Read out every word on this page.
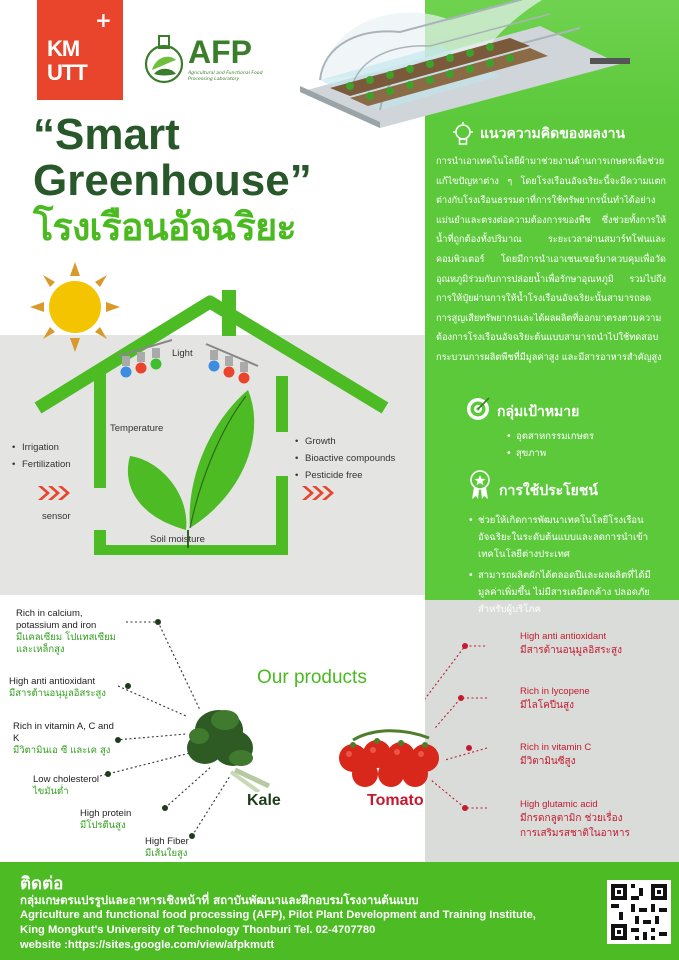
+
KM
UTT
AFP
Agricultural and Functional Food Processing Laboratory
“Smart
Greenhouse”
โรงเรือนอัจฉริยะ
แนวความคิดของผลงาน
การนำเอาเทคโนโลยีผ้ามาช่วยงานด้านการเกษตรเพื่อช่วยแก้ไขปัญหาต่าง ๆ โดยโรงเรือนอัจฉริยะนี้จะมีความแตกต่างกับโรงเรือนธรรมดาที่การใช้ทรัพยากรนั้นทำได้อย่างแม่นยำและตรงต่อความต้องการของพืช ซึ่งช่วยทั้งการให้น้ำที่ถูกต้องทั้งปริมาณ ระยะเวลาผ่านสมาร์ทโฟนและคอมพิวเตอร์ โดยมีการนำเอาเซนเซอร์มาควบคุมเพื่อวัดอุณหภูมิร่วมกับการปล่อยน้ำเพื่อรักษาอุณหภูมิ รวมไปถึงการให้ปุ๋ยผ่านการให้น้ำโรงเรือนอัจฉริยะนั้นสามารถลดการสูญเสียทรัพยากรและได้ผลผลิตที่ออกมาตรงตามความต้องการโรงเรือนอัจฉริยะต้นแบบสามารถนำไปใช้ทดสอบกระบวนการผลิตพืชที่มีมูลค่าสูง และมีสารอาหารสำคัญสูง
กลุ่มเป้าหมาย
• อุตสาหกรรมเกษตร
• สุขภาพ
การใช้ประโยชน์
• ช่วยให้เกิดการพัฒนาเทคโนโลยีโรงเรือนอัจฉริยะในระดับต้นแบบและลดการนำเข้าเทคโนโลยีต่างประเทศ
• สามารถผลิตผักได้ตลอดปีและผลผลิตที่ได้มีมูลค่าเพิ่มขึ้น ไม่มีสารเคมีตกค้าง ปลอดภัยสำหรับผู้บริโภค
Light
Temperature
Soil moisture
sensor
• Irrigation
• Fertilization
• Growth
• Bioactive compounds
• Pesticide free
Our products
Rich in calcium, potassium and iron
มีแคลเซียม โปแทสเซียม และเหล็กสูง
High anti antioxidant
มีสารต้านอนุมูลอิสระสูง
Rich in vitamin A, C and K
มีวิตามินเอ ซี และเค สูง
Low cholesterol
ไขมันต่ำ
High protein
มีโปรตีนสูง
High Fiber
มีเส้นใยสูง
Kale	Tomato
High anti antioxidant
มีสารต้านอนุมูลอิสระสูง
Rich in lycopene
มีไลโคปีนสูง
Rich in vitamin C
มีวิตามินซีสูง
High glutamic acid
มีกรดกลูตามิก ช่วยเรื่องการเสริมรสชาติในอาหาร
ติดต่อ
กลุ่มเกษตรแปรรูปและอาหารเชิงหน้าที่ สถาบันพัฒนาและฝึกอบรมโรงงานต้นแบบ
Agriculture and functional food processing (AFP), Pilot Plant Development and Training Institute,
King Mongkut's University of Technology Thonburi Tel. 02-4707780
website :https://sites.google.com/view/afpkmutt
